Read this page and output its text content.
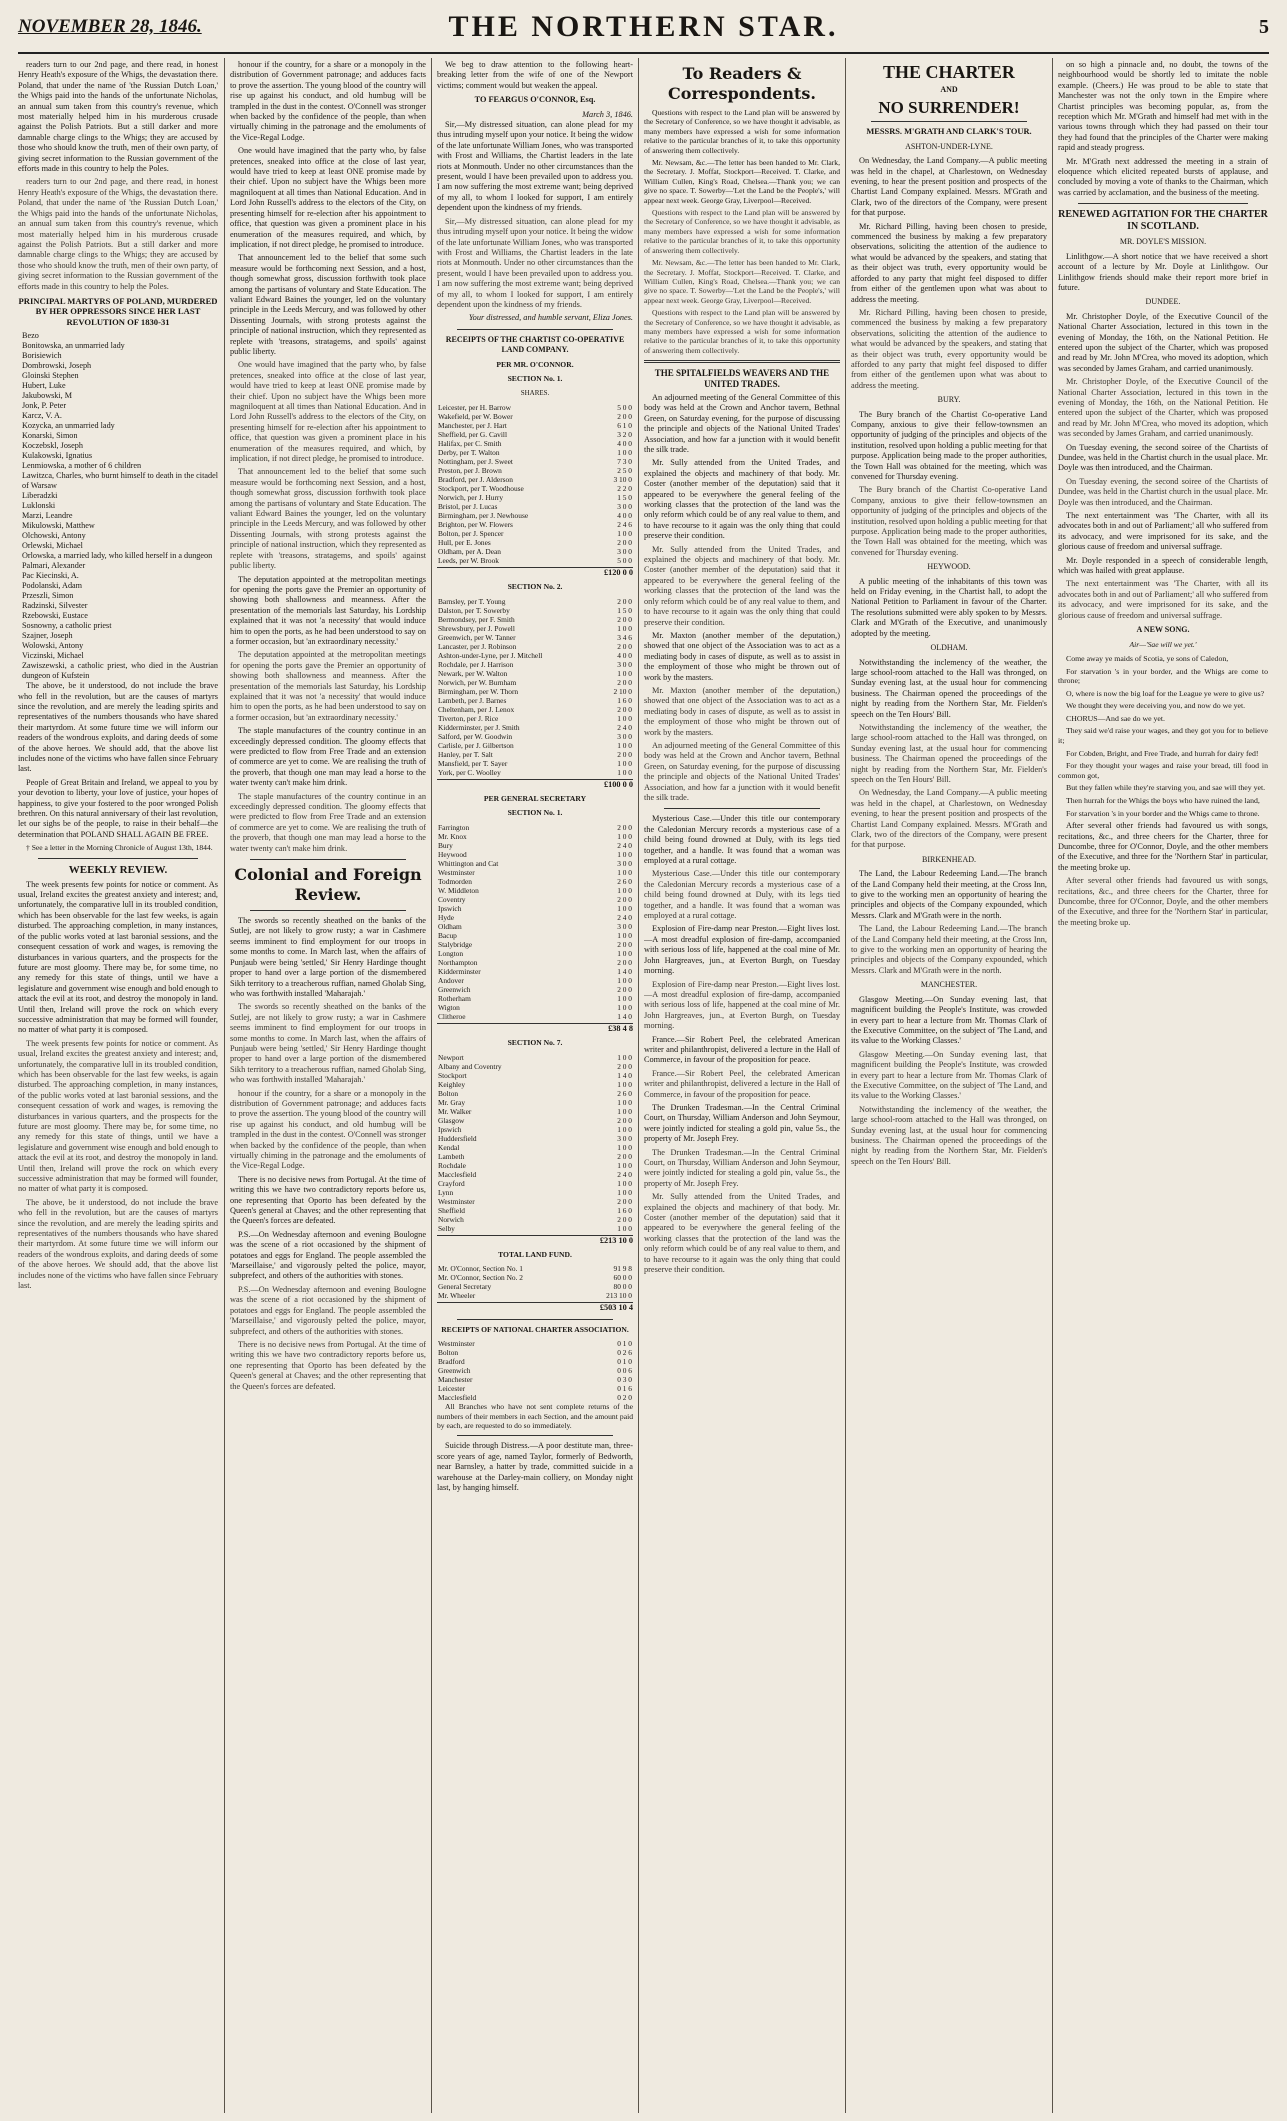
NOVEMBER 28, 1846.	THE NORTHERN STAR.	5

readers turn to our 2nd page, and there read, in honest Henry Heath's exposure of the Whigs, the devastation there. Poland, that under the name of 'the Russian Dutch Loan,' the Whigs paid into the hands of the unfortunate Nicholas, an annual sum taken from this country's revenue, which most materially helped him in his murderous crusade against the Polish Patriots. But a still darker and more damnable charge clings to the Whigs; they are accused by those who should know the truth, men of their own party, of giving secret information to the Russian government of the efforts made in this country to help the Poles.

readers turn to our 2nd page, and there read, in honest Henry Heath's exposure of the Whigs, the devastation there. Poland, that under the name of 'the Russian Dutch Loan,' the Whigs paid into the hands of the unfortunate Nicholas, an annual sum taken from this country's revenue, which most materially helped him in his murderous crusade against the Polish Patriots. But a still darker and more damnable charge clings to the Whigs; they are accused by those who should know the truth, men of their own party, of giving secret information to the Russian government of the efforts made in this country to help the Poles.

PRINCIPAL MARTYRS OF POLAND, MURDERED BY HER OPPRESSORS SINCE HER LAST REVOLUTION OF 1830-31
Bezo
Bonitowska, an unmarried lady
Borisiewich
Dombrowski, Joseph
Gloinski Stephen
Hubert, Luke
Jakubowski, M
Jonk, P. Peter
Karcz, V. A.
Kozycka, an unmarried lady
Konarski, Simon
Koczebskl, Joseph
Kulakowski, Ignatius
Lenmiowska, a mother of 6 children
Lawitzca, Charles, who burnt himself to death in the citadel of Warsaw
Liberadzki
Luklonski
Marzi, Leandre
Mikulowski, Matthew
Olchowski, Antony
Orlewski, Michael
Orlowska, a married lady, who killed herself in a dungeon
Palmari, Alexander
Pac Kiecinski, A.
Podolanski, Adam
Przeszli, Simon
Radzinski, Silvester
Rzebowski, Eustace
Sosnowny, a catholic priest
Szajner, Joseph
Wolowski, Antony
Viczinski, Michael
Zawiszewski, a catholic priest, who died in the Austrian dungeon of Kufstein

The above, be it understood, do not include the brave who fell in the revolution, but are the causes of martyrs since the revolution, and are merely the leading spirits and representatives of the numbers thousands who have shared their martyrdom. At some future time we will inform our readers of the wondrous exploits, and daring deeds of some of the above heroes. We should add, that the above list includes none of the victims who have fallen since February last.

People of Great Britain and Ireland, we appeal to you by your devotion to liberty, your love of justice, your hopes of happiness, to give your fostered to the poor wronged Polish brethren. On this natural anniversary of their last revolution, let our sighs be of the people, to raise in their behalf—the determination that POLAND SHALL AGAIN BE FREE.

† See a letter in the Morning Chronicle of August 13th, 1844.

WEEKLY REVIEW.

The week presents few points for notice or comment. As usual, Ireland excites the greatest anxiety and interest; and, unfortunately, the comparative lull in its troubled condition, which has been observable for the last few weeks, is again disturbed. The approaching completion, in many instances, of the public works voted at last baronial sessions, and the consequent cessation of work and wages, is removing the disturbances in various quarters, and the prospects for the future are most gloomy. There may be, for some time, no any remedy for this state of things, until we have a legislature and government wise enough and bold enough to attack the evil at its root, and destroy the monopoly in land. Until then, Ireland will prove the rock on which every successive administration that may be formed will founder, no matter of what party it is composed.

The week presents few points for notice or comment. As usual, Ireland excites the greatest anxiety and interest; and, unfortunately, the comparative lull in its troubled condition, which has been observable for the last few weeks, is again disturbed. The approaching completion, in many instances, of the public works voted at last baronial sessions, and the consequent cessation of work and wages, is removing the disturbances in various quarters, and the prospects for the future are most gloomy. There may be, for some time, no any remedy for this state of things, until we have a legislature and government wise enough and bold enough to attack the evil at its root, and destroy the monopoly in land. Until then, Ireland will prove the rock on which every successive administration that may be formed will founder, no matter of what party it is composed.

The above, be it understood, do not include the brave who fell in the revolution, but are the causes of martyrs since the revolution, and are merely the leading spirits and representatives of the numbers thousands who have shared their martyrdom. At some future time we will inform our readers of the wondrous exploits, and daring deeds of some of the above heroes. We should add, that the above list includes none of the victims who have fallen since February last.

honour if the country, for a share or a monopoly in the distribution of Government patronage; and adduces facts to prove the assertion. The young blood of the country will rise up against his conduct, and old humbug will be trampled in the dust in the contest. O'Connell was stronger when backed by the confidence of the people, than when virtually chiming in the patronage and the emoluments of the Vice-Regal Lodge.

One would have imagined that the party who, by false pretences, sneaked into office at the close of last year, would have tried to keep at least ONE promise made by their chief. Upon no subject have the Whigs been more magniloquent at all times than National Education. And in Lord John Russell's address to the electors of the City, on presenting himself for re-election after his appointment to office, that question was given a prominent place in his enumeration of the measures required, and which, by implication, if not direct pledge, he promised to introduce.

That announcement led to the belief that some such measure would be forthcoming next Session, and a host, though somewhat gross, discussion forthwith took place among the partisans of voluntary and State Education. The valiant Edward Baines the younger, led on the voluntary principle in the Leeds Mercury, and was followed by other Dissenting Journals, with strong protests against the principle of national instruction, which they represented as replete with 'treasons, stratagems, and spoils' against public liberty.

One would have imagined that the party who, by false pretences, sneaked into office at the close of last year, would have tried to keep at least ONE promise made by their chief. Upon no subject have the Whigs been more magniloquent at all times than National Education. And in Lord John Russell's address to the electors of the City, on presenting himself for re-election after his appointment to office, that question was given a prominent place in his enumeration of the measures required, and which, by implication, if not direct pledge, he promised to introduce.

That announcement led to the belief that some such measure would be forthcoming next Session, and a host, though somewhat gross, discussion forthwith took place among the partisans of voluntary and State Education. The valiant Edward Baines the younger, led on the voluntary principle in the Leeds Mercury, and was followed by other Dissenting Journals, with strong protests against the principle of national instruction, which they represented as replete with 'treasons, stratagems, and spoils' against public liberty.

The deputation appointed at the metropolitan meetings for opening the ports gave the Premier an opportunity of showing both shallowness and meanness. After the presentation of the memorials last Saturday, his Lordship explained that it was not 'a necessity' that would induce him to open the ports, as he had been understood to say on a former occasion, but 'an extraordinary necessity.'

The deputation appointed at the metropolitan meetings for opening the ports gave the Premier an opportunity of showing both shallowness and meanness. After the presentation of the memorials last Saturday, his Lordship explained that it was not 'a necessity' that would induce him to open the ports, as he had been understood to say on a former occasion, but 'an extraordinary necessity.'

The staple manufactures of the country continue in an exceedingly depressed condition. The gloomy effects that were predicted to flow from Free Trade and an extension of commerce are yet to come. We are realising the truth of the proverb, that though one man may lead a horse to the water twenty can't make him drink.

The staple manufactures of the country continue in an exceedingly depressed condition. The gloomy effects that were predicted to flow from Free Trade and an extension of commerce are yet to come. We are realising the truth of the proverb, that though one man may lead a horse to the water twenty can't make him drink.

Colonial and Foreign Review.

The swords so recently sheathed on the banks of the Sutlej, are not likely to grow rusty; a war in Cashmere seems imminent to find employment for our troops in some months to come. In March last, when the affairs of Punjaub were being 'settled,' Sir Henry Hardinge thought proper to hand over a large portion of the dismembered Sikh territory to a treacherous ruffian, named Gholab Sing, who was forthwith installed 'Maharajah.'

The swords so recently sheathed on the banks of the Sutlej, are not likely to grow rusty; a war in Cashmere seems imminent to find employment for our troops in some months to come. In March last, when the affairs of Punjaub were being 'settled,' Sir Henry Hardinge thought proper to hand over a large portion of the dismembered Sikh territory to a treacherous ruffian, named Gholab Sing, who was forthwith installed 'Maharajah.'

honour if the country, for a share or a monopoly in the distribution of Government patronage; and adduces facts to prove the assertion. The young blood of the country will rise up against his conduct, and old humbug will be trampled in the dust in the contest. O'Connell was stronger when backed by the confidence of the people, than when virtually chiming in the patronage and the emoluments of the Vice-Regal Lodge.

There is no decisive news from Portugal. At the time of writing this we have two contradictory reports before us, one representing that Oporto has been defeated by the Queen's general at Chaves; and the other representing that the Queen's forces are defeated.

P.S.—On Wednesday afternoon and evening Boulogne was the scene of a riot occasioned by the shipment of potatoes and eggs for England. The people assembled the 'Marseillaise,' and vigorously pelted the police, mayor, subprefect, and others of the authorities with stones.

P.S.—On Wednesday afternoon and evening Boulogne was the scene of a riot occasioned by the shipment of potatoes and eggs for England. The people assembled the 'Marseillaise,' and vigorously pelted the police, mayor, subprefect, and others of the authorities with stones.

There is no decisive news from Portugal. At the time of writing this we have two contradictory reports before us, one representing that Oporto has been defeated by the Queen's general at Chaves; and the other representing that the Queen's forces are defeated.

We beg to draw attention to the following heart-breaking letter from the wife of one of the Newport victims; comment would but weaken the appeal.

TO FEARGUS O'CONNOR, Esq.
March 3, 1846.

Sir,—My distressed situation, can alone plead for my thus intruding myself upon your notice. It being the widow of the late unfortunate William Jones, who was transported with Frost and Williams, the Chartist leaders in the late riots at Monmouth. Under no other circumstances than the present, would I have been prevailed upon to address you. I am now suffering the most extreme want; being deprived of my all, to whom I looked for support, I am entirely dependent upon the kindness of my friends.

Sir,—My distressed situation, can alone plead for my thus intruding myself upon your notice. It being the widow of the late unfortunate William Jones, who was transported with Frost and Williams, the Chartist leaders in the late riots at Monmouth. Under no other circumstances than the present, would I have been prevailed upon to address you. I am now suffering the most extreme want; being deprived of my all, to whom I looked for support, I am entirely dependent upon the kindness of my friends.

Your distressed, and humble servant, Eliza Jones.
RECEIPTS OF THE CHARTIST CO-OPERATIVE LAND COMPANY.
PER MR. O'CONNOR.
SECTION No. 1.
SHARES.
Leicester, per H. Barrow	5 0 0
Wakefield, per W. Bower	2 0 0
Manchester, per J. Hart	6 1 0
Sheffield, per G. Cavill	3 2 0
Halifax, per C. Smith	4 0 0
Derby, per T. Walton	1 0 0
Nottingham, per J. Sweet	7 3 0
Preston, per J. Brown	2 5 0
Bradford, per J. Alderson	3 10 0
Stockport, per T. Woodhouse	2 2 0
Norwich, per J. Hurry	1 5 0
Bristol, per J. Lucas	3 0 0
Birmingham, per J. Newhouse	4 0 0
Brighton, per W. Flowers	2 4 6
Bolton, per J. Spencer	1 0 0
Hull, per E. Jones	2 0 0
Oldham, per A. Dean	3 0 0
Leeds, per W. Brook	5 0 0
£120 0 0
SECTION No. 2.
Barnsley, per T. Young	2 0 0
Dalston, per T. Sowerby	1 5 0
Bermondsey, per F. Smith	2 0 0
Shrewsbury, per J. Powell	1 0 0
Greenwich, per W. Tanner	3 4 6
Lancaster, per J. Robinson	2 0 0
Ashton-under-Lyne, per J. Mitchell	4 0 0
Rochdale, per J. Harrison	3 0 0
Newark, per W. Walton	1 0 0
Norwich, per W. Burnham	2 0 0
Birmingham, per W. Thorn	2 10 0
Lambeth, per J. Barnes	1 6 0
Cheltenham, per J. Lenox	2 0 0
Tiverton, per J. Rice	1 0 0
Kidderminster, per J. Smith	2 4 0
Salford, per W. Goodwin	3 0 0
Carlisle, per J. Gilbertson	1 0 0
Hanley, per T. Salt	2 0 0
Mansfield, per T. Sayer	1 0 0
York, per C. Woolley	1 0 0
£100 0 0
PER GENERAL SECRETARY
SECTION No. 1.
Farrington	2 0 0
Mr. Knox	1 0 0
Bury	2 4 0
Heywood	1 0 0
Whittington and Cat	3 0 0
Westminster	1 0 0
Todmorden	2 6 0
W. Middleton	1 0 0
Coventry	2 0 0
Ipswich	1 0 0
Hyde	2 4 0
Oldham	3 0 0
Bacup	1 0 0
Stalybridge	2 0 0
Longton	1 0 0
Northampton	2 0 0
Kidderminster	1 4 0
Andover	1 0 0
Greenwich	2 0 0
Rotherham	1 0 0
Wigton	1 0 0
Clitheroe	1 4 0
£38 4 8
SECTION No. 7.
Newport	1 0 0
Albany and Coventry	2 0 0
Stockport	1 4 0
Keighley	1 0 0
Bolton	2 6 0
Mr. Gray	1 0 0
Mr. Walker	1 0 0
Glasgow	2 0 0
Ipswich	1 0 0
Huddersfield	3 0 0
Kendal	1 0 0
Lambeth	2 0 0
Rochdale	1 0 0
Macclesfield	2 4 0
Crayford	1 0 0
Lynn	1 0 0
Westminster	2 0 0
Sheffield	1 6 0
Norwich	2 0 0
Selby	1 0 0
£213 10 0
TOTAL LAND FUND.
Mr. O'Connor, Section No. 1	91 9 8
Mr. O'Connor, Section No. 2	60 0 0
General Secretary	80 0 0
Mr. Wheeler	213 10 0
£503 10 4
RECEIPTS OF NATIONAL CHARTER ASSOCIATION.
Westminster	0 1 0
Bolton	0 2 6
Bradford	0 1 0
Greenwich	0 0 6
Manchester	0 3 0
Leicester	0 1 6
Macclesfield	0 2 0

All Branches who have not sent complete returns of the numbers of their members in each Section, and the amount paid by each, are requested to do so immediately.

Suicide through Distress.—A poor destitute man, three-score years of age, named Taylor, formerly of Bedworth, near Barnsley, a hatter by trade, committed suicide in a warehouse at the Darley-main colliery, on Monday night last, by hanging himself.

To Readers & Correspondents.

Questions with respect to the Land plan will be answered by the Secretary of Conference, so we have thought it advisable, as many members have expressed a wish for some information relative to the particular branches of it, to take this opportunity of answering them collectively.

Mr. Newsam, &c.—The letter has been handed to Mr. Clark, the Secretary. J. Moffat, Stockport—Received. T. Clarke, and William Cullen, King's Road, Chelsea.—Thank you; we can give no space. T. Sowerby—'Let the Land be the People's,' will appear next week. George Gray, Liverpool—Received.

Questions with respect to the Land plan will be answered by the Secretary of Conference, so we have thought it advisable, as many members have expressed a wish for some information relative to the particular branches of it, to take this opportunity of answering them collectively.

Mr. Newsam, &c.—The letter has been handed to Mr. Clark, the Secretary. J. Moffat, Stockport—Received. T. Clarke, and William Cullen, King's Road, Chelsea.—Thank you; we can give no space. T. Sowerby—'Let the Land be the People's,' will appear next week. George Gray, Liverpool—Received.

Questions with respect to the Land plan will be answered by the Secretary of Conference, so we have thought it advisable, as many members have expressed a wish for some information relative to the particular branches of it, to take this opportunity of answering them collectively.

THE SPITALFIELDS WEAVERS AND THE UNITED TRADES.

An adjourned meeting of the General Committee of this body was held at the Crown and Anchor tavern, Bethnal Green, on Saturday evening, for the purpose of discussing the principle and objects of the National United Trades' Association, and how far a junction with it would benefit the silk trade.

Mr. Sully attended from the United Trades, and explained the objects and machinery of that body. Mr. Coster (another member of the deputation) said that it appeared to be everywhere the general feeling of the working classes that the protection of the land was the only reform which could be of any real value to them, and to have recourse to it again was the only thing that could preserve their condition.

Mr. Sully attended from the United Trades, and explained the objects and machinery of that body. Mr. Coster (another member of the deputation) said that it appeared to be everywhere the general feeling of the working classes that the protection of the land was the only reform which could be of any real value to them, and to have recourse to it again was the only thing that could preserve their condition.

Mr. Maxton (another member of the deputation,) showed that one object of the Association was to act as a mediating body in cases of dispute, as well as to assist in the employment of those who might be thrown out of work by the masters.

Mr. Maxton (another member of the deputation,) showed that one object of the Association was to act as a mediating body in cases of dispute, as well as to assist in the employment of those who might be thrown out of work by the masters.

An adjourned meeting of the General Committee of this body was held at the Crown and Anchor tavern, Bethnal Green, on Saturday evening, for the purpose of discussing the principle and objects of the National United Trades' Association, and how far a junction with it would benefit the silk trade.

Mysterious Case.—Under this title our contemporary the Caledonian Mercury records a mysterious case of a child being found drowned at Duly, with its legs tied together, and a handle. It was found that a woman was employed at a rural cottage.

Mysterious Case.—Under this title our contemporary the Caledonian Mercury records a mysterious case of a child being found drowned at Duly, with its legs tied together, and a handle. It was found that a woman was employed at a rural cottage.

Explosion of Fire-damp near Preston.—Eight lives lost.—A most dreadful explosion of fire-damp, accompanied with serious loss of life, happened at the coal mine of Mr. John Hargreaves, jun., at Everton Burgh, on Tuesday morning.

Explosion of Fire-damp near Preston.—Eight lives lost.—A most dreadful explosion of fire-damp, accompanied with serious loss of life, happened at the coal mine of Mr. John Hargreaves, jun., at Everton Burgh, on Tuesday morning.

France.—Sir Robert Peel, the celebrated American writer and philanthropist, delivered a lecture in the Hall of Commerce, in favour of the proposition for peace.

France.—Sir Robert Peel, the celebrated American writer and philanthropist, delivered a lecture in the Hall of Commerce, in favour of the proposition for peace.

The Drunken Tradesman.—In the Central Criminal Court, on Thursday, William Anderson and John Seymour, were jointly indicted for stealing a gold pin, value 5s., the property of Mr. Joseph Frey.

The Drunken Tradesman.—In the Central Criminal Court, on Thursday, William Anderson and John Seymour, were jointly indicted for stealing a gold pin, value 5s., the property of Mr. Joseph Frey.

Mr. Sully attended from the United Trades, and explained the objects and machinery of that body. Mr. Coster (another member of the deputation) said that it appeared to be everywhere the general feeling of the working classes that the protection of the land was the only reform which could be of any real value to them, and to have recourse to it again was the only thing that could preserve their condition.

THE CHARTER
AND
NO SURRENDER!
MESSRS. M'GRATH AND CLARK'S TOUR.
ASHTON-UNDER-LYNE.

On Wednesday, the Land Company.—A public meeting was held in the chapel, at Charlestown, on Wednesday evening, to hear the present position and prospects of the Chartist Land Company explained. Messrs. M'Grath and Clark, two of the directors of the Company, were present for that purpose.

Mr. Richard Pilling, having been chosen to preside, commenced the business by making a few preparatory observations, soliciting the attention of the audience to what would be advanced by the speakers, and stating that as their object was truth, every opportunity would be afforded to any party that might feel disposed to differ from either of the gentlemen upon what was about to address the meeting.

Mr. Richard Pilling, having been chosen to preside, commenced the business by making a few preparatory observations, soliciting the attention of the audience to what would be advanced by the speakers, and stating that as their object was truth, every opportunity would be afforded to any party that might feel disposed to differ from either of the gentlemen upon what was about to address the meeting.

BURY.

The Bury branch of the Chartist Co-operative Land Company, anxious to give their fellow-townsmen an opportunity of judging of the principles and objects of the institution, resolved upon holding a public meeting for that purpose. Application being made to the proper authorities, the Town Hall was obtained for the meeting, which was convened for Thursday evening.

The Bury branch of the Chartist Co-operative Land Company, anxious to give their fellow-townsmen an opportunity of judging of the principles and objects of the institution, resolved upon holding a public meeting for that purpose. Application being made to the proper authorities, the Town Hall was obtained for the meeting, which was convened for Thursday evening.

HEYWOOD.

A public meeting of the inhabitants of this town was held on Friday evening, in the Chartist hall, to adopt the National Petition to Parliament in favour of the Charter. The resolutions submitted were ably spoken to by Messrs. Clark and M'Grath of the Executive, and unanimously adopted by the meeting.

OLDHAM.

Notwithstanding the inclemency of the weather, the large school-room attached to the Hall was thronged, on Sunday evening last, at the usual hour for commencing business. The Chairman opened the proceedings of the night by reading from the Northern Star, Mr. Fielden's speech on the Ten Hours' Bill.

Notwithstanding the inclemency of the weather, the large school-room attached to the Hall was thronged, on Sunday evening last, at the usual hour for commencing business. The Chairman opened the proceedings of the night by reading from the Northern Star, Mr. Fielden's speech on the Ten Hours' Bill.

On Wednesday, the Land Company.—A public meeting was held in the chapel, at Charlestown, on Wednesday evening, to hear the present position and prospects of the Chartist Land Company explained. Messrs. M'Grath and Clark, two of the directors of the Company, were present for that purpose.

BIRKENHEAD.

The Land, the Labour Redeeming Land.—The branch of the Land Company held their meeting, at the Cross Inn, to give to the working men an opportunity of hearing the principles and objects of the Company expounded, which Messrs. Clark and M'Grath were in the north.

The Land, the Labour Redeeming Land.—The branch of the Land Company held their meeting, at the Cross Inn, to give to the working men an opportunity of hearing the principles and objects of the Company expounded, which Messrs. Clark and M'Grath were in the north.

MANCHESTER.

Glasgow Meeting.—On Sunday evening last, that magnificent building the People's Institute, was crowded in every part to hear a lecture from Mr. Thomas Clark of the Executive Committee, on the subject of 'The Land, and its value to the Working Classes.'

Glasgow Meeting.—On Sunday evening last, that magnificent building the People's Institute, was crowded in every part to hear a lecture from Mr. Thomas Clark of the Executive Committee, on the subject of 'The Land, and its value to the Working Classes.'

Notwithstanding the inclemency of the weather, the large school-room attached to the Hall was thronged, on Sunday evening last, at the usual hour for commencing business. The Chairman opened the proceedings of the night by reading from the Northern Star, Mr. Fielden's speech on the Ten Hours' Bill.

on so high a pinnacle and, no doubt, the towns of the neighbourhood would be shortly led to imitate the noble example. (Cheers.) He was proud to be able to state that Manchester was not the only town in the Empire where Chartist principles was becoming popular, as, from the reception which Mr. M'Grath and himself had met with in the various towns through which they had passed on their tour they had found that the principles of the Charter were making rapid and steady progress.

Mr. M'Grath next addressed the meeting in a strain of eloquence which elicited repeated bursts of applause, and concluded by moving a vote of thanks to the Chairman, which was carried by acclamation, and the business of the meeting.

RENEWED AGITATION FOR THE CHARTER IN SCOTLAND.
MR. DOYLE'S MISSION.

Linlithgow.—A short notice that we have received a short account of a lecture by Mr. Doyle at Linlithgow. Our Linlithgow friends should make their report more brief in future.

DUNDEE.

Mr. Christopher Doyle, of the Executive Council of the National Charter Association, lectured in this town in the evening of Monday, the 16th, on the National Petition. He entered upon the subject of the Charter, which was proposed and read by Mr. John M'Crea, who moved its adoption, which was seconded by James Graham, and carried unanimously.

Mr. Christopher Doyle, of the Executive Council of the National Charter Association, lectured in this town in the evening of Monday, the 16th, on the National Petition. He entered upon the subject of the Charter, which was proposed and read by Mr. John M'Crea, who moved its adoption, which was seconded by James Graham, and carried unanimously.

On Tuesday evening, the second soiree of the Chartists of Dundee, was held in the Chartist church in the usual place. Mr. Doyle was then introduced, and the Chairman.

On Tuesday evening, the second soiree of the Chartists of Dundee, was held in the Chartist church in the usual place. Mr. Doyle was then introduced, and the Chairman.

The next entertainment was 'The Charter, with all its advocates both in and out of Parliament;' all who suffered from its advocacy, and were imprisoned for its sake, and the glorious cause of freedom and universal suffrage.

Mr. Doyle responded in a speech of considerable length, which was hailed with great applause.

The next entertainment was 'The Charter, with all its advocates both in and out of Parliament;' all who suffered from its advocacy, and were imprisoned for its sake, and the glorious cause of freedom and universal suffrage.

A NEW SONG.
Air—'Sae will we yet.'

Come away ye maids of Scotia, ye sons of Caledon,

For starvation 's in your border, and the Whigs are come to throne;

O, where is now the big loaf for the League ye were to give us?

We thought they were deceiving you, and now do we yet.

CHORUS—And sae do we yet.

They said we'd raise your wages, and they got you for to believe it;

For Cobden, Bright, and Free Trade, and hurrah for dairy fed!

For they thought your wages and raise your bread, till food in common got,

But they fallen while they're starving you, and sae will they yet.

Then hurrah for the Whigs the boys who have ruined the land,

For starvation 's in your border and the Whigs came to throne.

After several other friends had favoured us with songs, recitations, &c., and three cheers for the Charter, three for Duncombe, three for O'Connor, Doyle, and the other members of the Executive, and three for the 'Northern Star' in particular, the meeting broke up.

After several other friends had favoured us with songs, recitations, &c., and three cheers for the Charter, three for Duncombe, three for O'Connor, Doyle, and the other members of the Executive, and three for the 'Northern Star' in particular, the meeting broke up.
